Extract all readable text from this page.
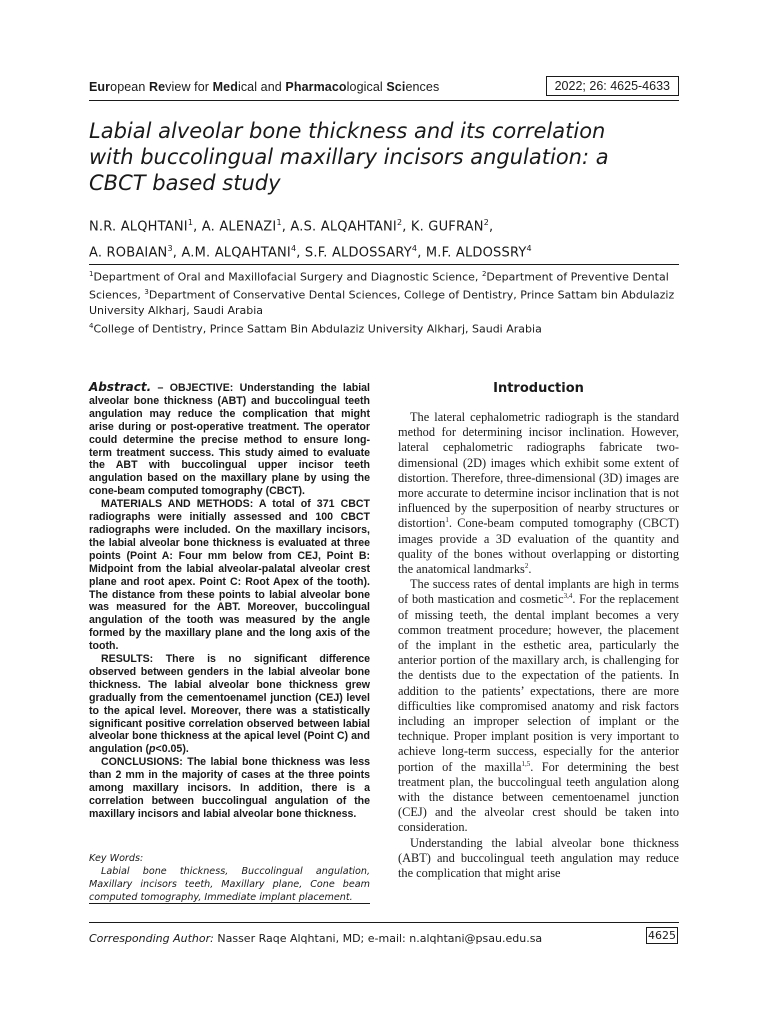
European Review for Medical and Pharmacological Sciences	2022; 26: 4625-4633
Labial alveolar bone thickness and its correlation with buccolingual maxillary incisors angulation: a CBCT based study
N.R. ALQHTANI$^1$, A. ALENAZI$^1$, A.S. ALQAHTANI$^2$, K. GUFRAN$^2$,
A. ROBAIAN$^3$, A.M. ALQAHTANI$^4$, S.F. ALDOSSARY$^4$, M.F. ALDOSSRY$^4$

$^1$Department of Oral and Maxillofacial Surgery and Diagnostic Science, $^2$Department of Preventive Dental Sciences, $^3$Department of Conservative Dental Sciences, College of Dentistry, Prince Sattam bin Abdulaziz University Alkharj, Saudi Arabia

$^4$College of Dentistry, Prince Sattam Bin Abdulaziz University Alkharj, Saudi Arabia

Abstract. – OBJECTIVE: Understanding the labial alveolar bone thickness (ABT) and buccolingual teeth angulation may reduce the complication that might arise during or post-operative treatment. The operator could determine the precise method to ensure long-term treatment success. This study aimed to evaluate the ABT with buccolingual upper incisor teeth angulation based on the maxillary plane by using the cone-beam computed tomography (CBCT).

MATERIALS AND METHODS: A total of 371 CBCT radiographs were initially assessed and 100 CBCT radiographs were included. On the maxillary incisors, the labial alveolar bone thickness is evaluated at three points (Point A: Four mm below from CEJ, Point B: Midpoint from the labial alveolar-palatal alveolar crest plane and root apex. Point C: Root Apex of the tooth). The distance from these points to labial alveolar bone was measured for the ABT. Moreover, buccolingual angulation of the tooth was measured by the angle formed by the maxillary plane and the long axis of the tooth.

RESULTS: There is no significant difference observed between genders in the labial alveolar bone thickness. The labial alveolar bone thickness grew gradually from the cementoenamel junction (CEJ) level to the apical level. Moreover, there was a statistically significant positive correlation observed between labial alveolar bone thickness at the apical level (Point C) and angulation (p<0.05).

CONCLUSIONS: The labial bone thickness was less than 2 mm in the majority of cases at the three points among maxillary incisors. In addition, there is a correlation between buccolingual angulation of the maxillary incisors and labial alveolar bone thickness.

Key Words:

Labial bone thickness, Buccolingual angulation, Maxillary incisors teeth, Maxillary plane, Cone beam computed tomography, Immediate implant placement.

Introduction

The lateral cephalometric radiograph is the standard method for determining incisor inclination. However, lateral cephalometric radiographs fabricate two-dimensional (2D) images which exhibit some extent of distortion. Therefore, three-dimensional (3D) images are more accurate to determine incisor inclination that is not influenced by the superposition of nearby structures or distortion$^1$. Cone-beam computed tomography (CBCT) images provide a 3D evaluation of the quantity and quality of the bones without overlapping or distorting the anatomical landmarks$^2$.

The success rates of dental implants are high in terms of both mastication and cosmetic$^{3,4}$. For the replacement of missing teeth, the dental implant becomes a very common treatment procedure; however, the placement of the implant in the esthetic area, particularly the anterior portion of the maxillary arch, is challenging for the dentists due to the expectation of the patients. In addition to the patients’ expectations, there are more difficulties like compromised anatomy and risk factors including an improper selection of implant or the technique. Proper implant position is very important to achieve long-term success, especially for the anterior portion of the maxilla$^{1,5}$. For determining the best treatment plan, the buccolingual teeth angulation along with the distance between cementoenamel junction (CEJ) and the alveolar crest should be taken into consideration.

Understanding the labial alveolar bone thickness (ABT) and buccolingual teeth angulation may reduce the complication that might arise

Corresponding Author: Nasser Raqe Alqhtani, MD; e-mail: n.alqhtani@psau.edu.sa	4625
